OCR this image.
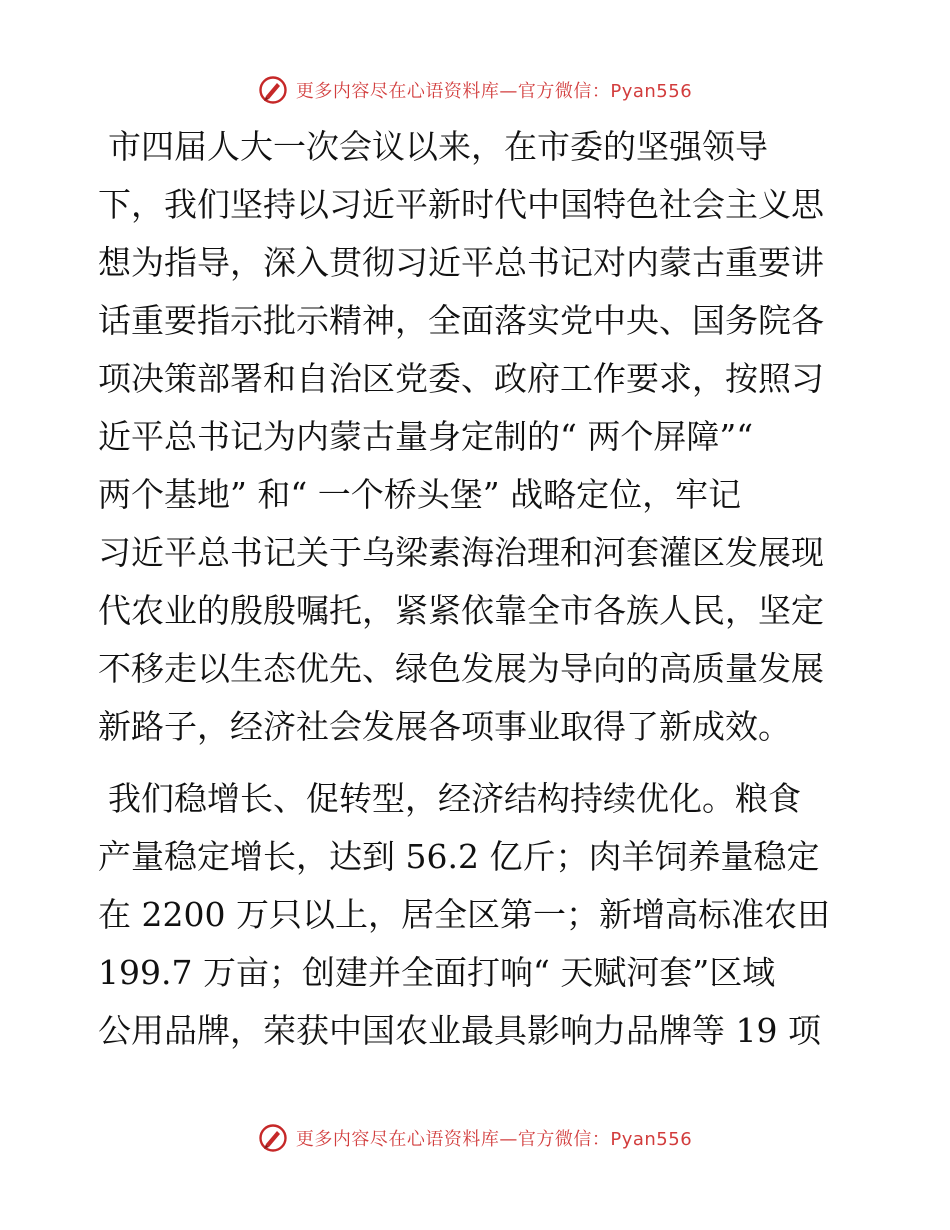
更多内容尽在心语资料库—官方微信：Pyan556
市四届人大一次会议以来，在市委的坚强领导
下，我们坚持以习近平新时代中国特色社会主义思
想为指导，深入贯彻习近平总书记对内蒙古重要讲
话重要指示批示精神，全面落实党中央、国务院各
项决策部署和自治区党委、政府工作要求，按照习
近平总书记为内蒙古量身定制的“ 两个屏障”“
两个基地” 和“ 一个桥头堡” 战略定位，牢记
习近平总书记关于乌梁素海治理和河套灌区发展现
代农业的殷殷嘱托，紧紧依靠全市各族人民，坚定
不移走以生态优先、绿色发展为导向的高质量发展
新路子，经济社会发展各项事业取得了新成效。
我们稳增长、促转型，经济结构持续优化。粮食
产量稳定增长，达到 56.2 亿斤；肉羊饲养量稳定
在 2200 万只以上，居全区第一；新增高标准农田
199.7 万亩；创建并全面打响“ 天赋河套”区域
公用品牌，荣获中国农业最具影响力品牌等 19 项
更多内容尽在心语资料库—官方微信：Pyan556
